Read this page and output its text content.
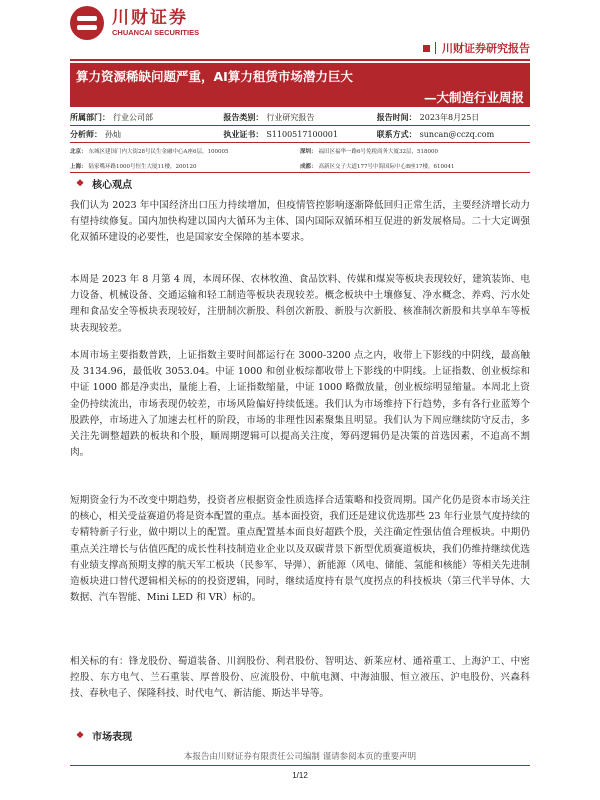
川财证券
CHUANCAI SECURITIES
川财证券研究报告
算力资源稀缺问题严重，AI算力租赁市场潜力巨大
—大制造行业周报
所属部门： 行业公司部	报告类别： 行业研究报告	报告时间： 2023年8月25日
分析师： 孙灿	执业证书： S1100517100001	联系方式： suncan@cczq.com
北京： 东城区建国门内大街28号民生金融中心A座6层，100005	深圳： 福田区福华一路6号免税商务大厦32层，518000
上海： 陆家嘴环路1000号恒生大厦11楼，200120	成都： 高新区交子大道177号中海国际中心B座17楼，610041
❖ 核心观点
我们认为 2023 年中国经济出口压力持续增加，但疫情管控影响逐渐降低回归正常生活，主要经济增长动力有望持续修复。国内加快构建以国内大循环为主体、国内国际双循环相互促进的新发展格局。二十大定调强化双循环建设的必要性，也是国家安全保障的基本要求。
本周是 2023 年 8 月第 4 周，本周环保、农林牧渔、食品饮料、传媒和煤炭等板块表现较好，建筑装饰、电力设备、机械设备、交通运输和轻工制造等板块表现较差。概念板块中土壤修复、净水概念、养鸡、污水处理和食品安全等板块表现较好，注册制次新股、科创次新股、新股与次新股、核准制次新股和共享单车等板块表现较差。
本周市场主要指数普跌，上证指数主要时间都运行在 3000-3200 点之内，收带上下影线的中阴线，最高触及 3134.96，最低收 3053.04。中证 1000 和创业板综都收带上下影线的中阴线。上证指数、创业板综和中证 1000 都是净卖出，量能上看，上证指数缩量，中证 1000 略微放量，创业板综明显缩量。本周北上资金仍持续流出，市场表现仍较差，市场风险偏好持续低迷。我们认为市场维持下行趋势，多有各行业蓝筹个股跌停，市场进入了加速去杠杆的阶段，市场的非理性因素聚集且明显。我们认为下周应继续防守反击，多关注先调整超跌的板块和个股，顺周期逻辑可以提高关注度，筹码逻辑仍是决策的首选因素，不追高不割肉。
短期资金行为不改变中期趋势，投资者应根据资金性质选择合适策略和投资周期。国产化仍是资本市场关注的核心，相关受益赛道仍将是资本配置的重点。基本面投资，我们还是建议优选那些 23 年行业景气度持续的专精特新子行业，做中期以上的配置。重点配置基本面良好超跌个股，关注确定性强估值合理板块。中期仍重点关注增长与估值匹配的成长性科技制造业企业以及双碳背景下新型优质赛道板块，我们仍维持继续优选有业绩支撑高预期支撑的航天军工板块（民参军、导弹）、新能源（风电、储能、氢能和核能）等相关先进制造板块进口替代逻辑相关标的的投资逻辑，同时，继续适度持有景气度拐点的科技板块（第三代半导体、大数据、汽车智能、Mini LED 和 VR）标的。
相关标的有：锋龙股份、蜀道装备、川润股份、利君股份、智明达、新莱应材、通裕重工、上海沪工、中密控股、东方电气、兰石重装、厚普股份、应流股份、中航电测、中海油服、恒立液压、沪电股份、兴森科技、春秋电子、保隆科技、时代电气、新洁能、斯达半导等。
❖ 市场表现
本报告由川财证券有限责任公司编制 谨请参阅本页的重要声明
1/12
